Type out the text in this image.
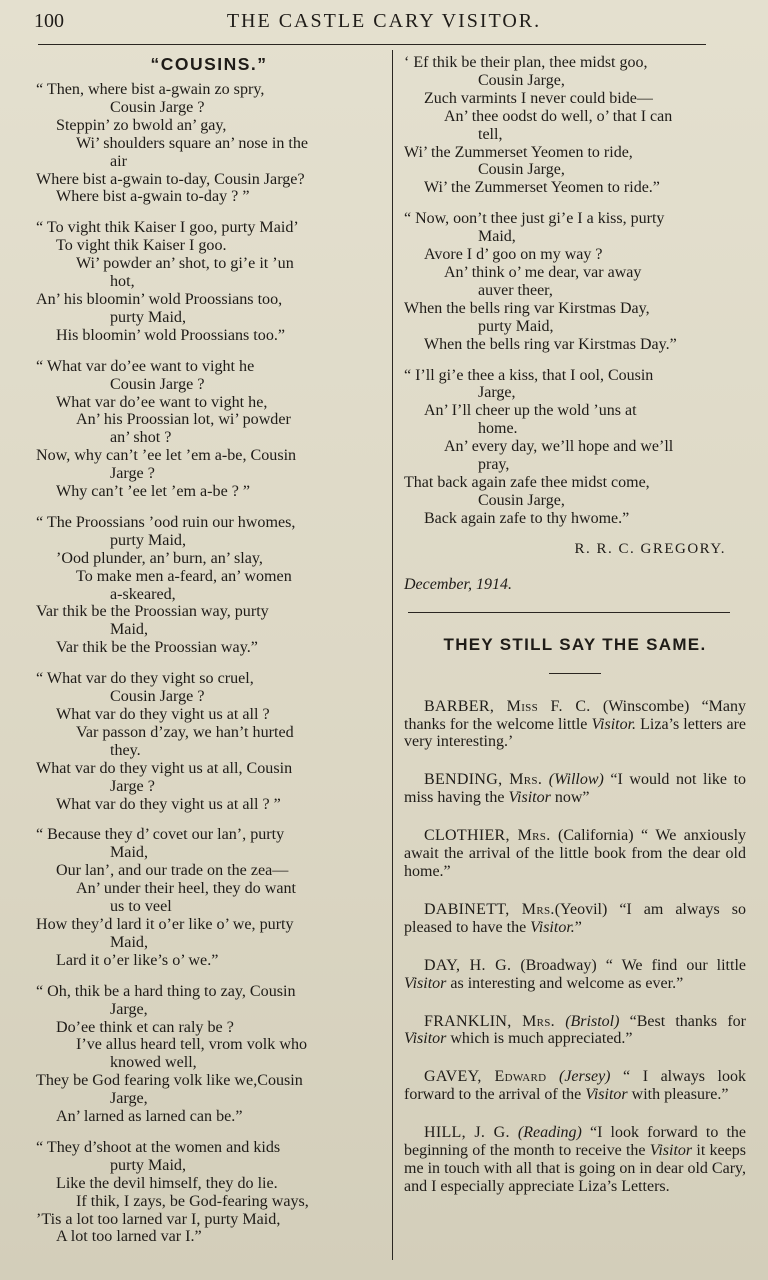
100	THE CASTLE CARY VISITOR.
“COUSINS.”
“ Then, where bist a-gwain zo spry,
Cousin Jarge ?
Steppin’ zo bwold an’ gay,
Wi’ shoulders square an’ nose in the
air
Where bist a-gwain to-day, Cousin Jarge?
Where bist a-gwain to-day ? ”
“ To vight thik Kaiser I goo, purty Maid’
To vight thik Kaiser I goo.
Wi’ powder an’ shot, to gi’e it ’un
hot,
An’ his bloomin’ wold Proossians too,
purty Maid,
His bloomin’ wold Proossians too.”
“ What var do’ee want to vight he
Cousin Jarge ?
What var do’ee want to vight he,
An’ his Proossian lot, wi’ powder
an’ shot ?
Now, why can’t ’ee let ’em a-be, Cousin
Jarge ?
Why can’t ’ee let ’em a-be ? ”
“ The Proossians ’ood ruin our hwomes,
purty Maid,
’Ood plunder, an’ burn, an’ slay,
To make men a-feard, an’ women
a-skeared,
Var thik be the Proossian way, purty
Maid,
Var thik be the Proossian way.”
“ What var do they vight so cruel,
Cousin Jarge ?
What var do they vight us at all ?
Var passon d’zay, we han’t hurted
they.
What var do they vight us at all, Cousin
Jarge ?
What var do they vight us at all ? ”
“ Because they d’ covet our lan’, purty
Maid,
Our lan’, and our trade on the zea—
An’ under their heel, they do want
us to veel
How they’d lard it o’er like o’ we, purty
Maid,
Lard it o’er like’s o’ we.”
“ Oh, thik be a hard thing to zay, Cousin
Jarge,
Do’ee think et can raly be ?
I’ve allus heard tell, vrom volk who
knowed well,
They be God fearing volk like we,Cousin
Jarge,
An’ larned as larned can be.”
“ They d’shoot at the women and kids
purty Maid,
Like the devil himself, they do lie.
If thik, I zays, be God-fearing ways,
’Tis a lot too larned var I, purty Maid,
A lot too larned var I.”
‘ Ef thik be their plan, thee midst goo,
Cousin Jarge,
Zuch varmints I never could bide—
An’ thee oodst do well, o’ that I can
tell,
Wi’ the Zummerset Yeomen to ride,
Cousin Jarge,
Wi’ the Zummerset Yeomen to ride.”
“ Now, oon’t thee just gi’e I a kiss, purty
Maid,
Avore I d’ goo on my way ?
An’ think o’ me dear, var away
auver theer,
When the bells ring var Kirstmas Day,
purty Maid,
When the bells ring var Kirstmas Day.”
“ I’ll gi’e thee a kiss, that I ool, Cousin
Jarge,
An’ I’ll cheer up the wold ’uns at
home.
An’ every day, we’ll hope and we’ll
pray,
That back again zafe thee midst come,
Cousin Jarge,
Back again zafe to thy hwome.”
R. R. C. GREGORY.
December, 1914.
THEY STILL SAY THE SAME.
BARBER, Miss F. C. (Winscombe) “Many thanks for the welcome little Visitor. Liza’s letters are very interesting.’
BENDING, Mrs. (Willow) “I would not like to miss having the Visitor now”
CLOTHIER, Mrs. (California) “ We anxiously await the arrival of the little book from the dear old home.”
DABINETT, Mrs.(Yeovil) “I am always so pleased to have the Visitor.”
DAY, H. G. (Broadway) “ We find our little Visitor as interesting and welcome as ever.”
FRANKLIN, Mrs. (Bristol) “Best thanks for Visitor which is much appreciated.”
GAVEY, Edward (Jersey) “ I always look forward to the arrival of the Visitor with pleasure.”
HILL, J. G. (Reading) “I look forward to the beginning of the month to receive the Visitor it keeps me in touch with all that is going on in dear old Cary, and I especially appreciate Liza’s Letters.
